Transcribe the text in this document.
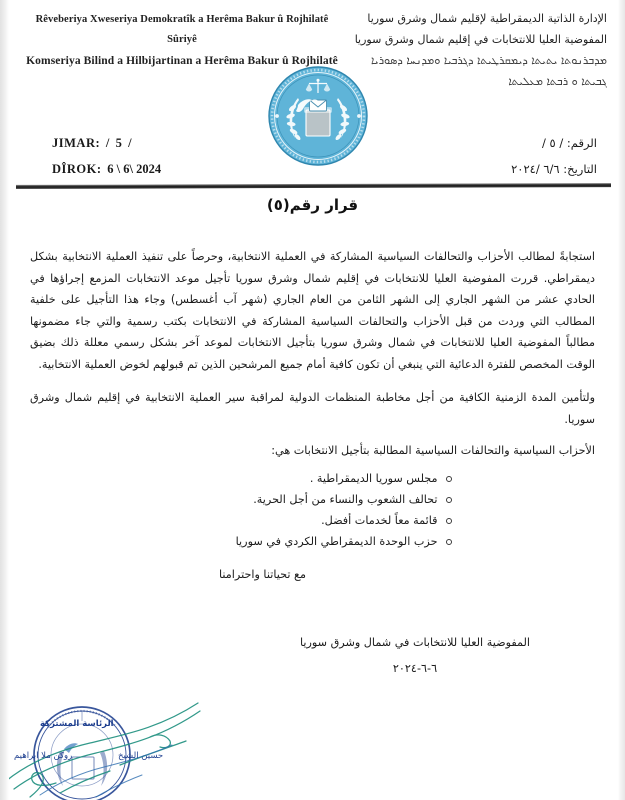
Rêveberiya Xweseriya Demokratîk a Herêma Bakur û Rojhilatê Sûriyê
Komseriya Bilind a Hilbijartinan a Herêma Bakur û Rojhilatê
الإدارة الذاتية الديمقراطية لإقليم شمال وشرق سوريا
المفوضية العليا للانتخابات في إقليم شمال وشرق سوريا
ܡܕܒܪܢܘܬܐ ܝܬܝܬܐ ܕܝܡܩܪܛܝܬܐ ܕܓܪܒܝܐ ܘܡܕܢܚܐ ܕܣܘܪܝܐ
ܓܒܝܬܐ ܘ ܪܒܬܐ ܡܥܠܝܬܐ
JIMAR:  /  5  /
DÎROK:  6 \ 6\ 2024
الرقم: / ٥ /
التاريخ: ٦/٦ /٢٠٢٤
قرار رقم(٥)

استجابةً لمطالب الأحزاب والتحالفات السياسية المشاركة في العملية الانتخابية، وحرصاً على تنفيذ العملية الانتخابية بشكل ديمقراطي. قررت المفوضية العليا للانتخابات في إقليم شمال وشرق سوريا تأجيل موعد الانتخابات المزمع إجراؤها في الحادي عشر من الشهر الجاري إلى الشهر الثامن من العام الجاري (شهر آب أغسطس) وجاء هذا التأجيل على خلفية المطالب التي وردت من قبل الأحزاب والتحالفات السياسية المشاركة في الانتخابات بكتب رسمية والتي جاء مضمونها مطالباً المفوضية العليا للانتخابات في شمال وشرق سوريا بتأجيل الانتخابات لموعد آخر بشكل رسمي معللة ذلك بضيق الوقت المخصص للفترة الدعائية التي ينبغي أن تكون كافية أمام جميع المرشحين الذين تم قبولهم لخوض العملية الانتخابية.

ولتأمين المدة الزمنية الكافية من أجل مخاطبة المنظمات الدولية لمراقبة سير العملية الانتخابية في إقليم شمال وشرق سوريا.

الأحزاب السياسية والتحالفات السياسية المطالبة بتأجيل الانتخابات هي:

مجلس سوريا الديمقراطية .
تحالف الشعوب والنساء من أجل الحرية.
قائمة معاً لخدمات أفضل.
حزب الوحدة الديمقراطي الكردي في سوريا
مع تحياتنا واحترامنا
المفوضية العليا للانتخابات في شمال وشرق سوريا
٦-٦-٢٠٢٤
الرئاسة المشتركة
حسين الشيخ
روكن ملا ابراهيم
